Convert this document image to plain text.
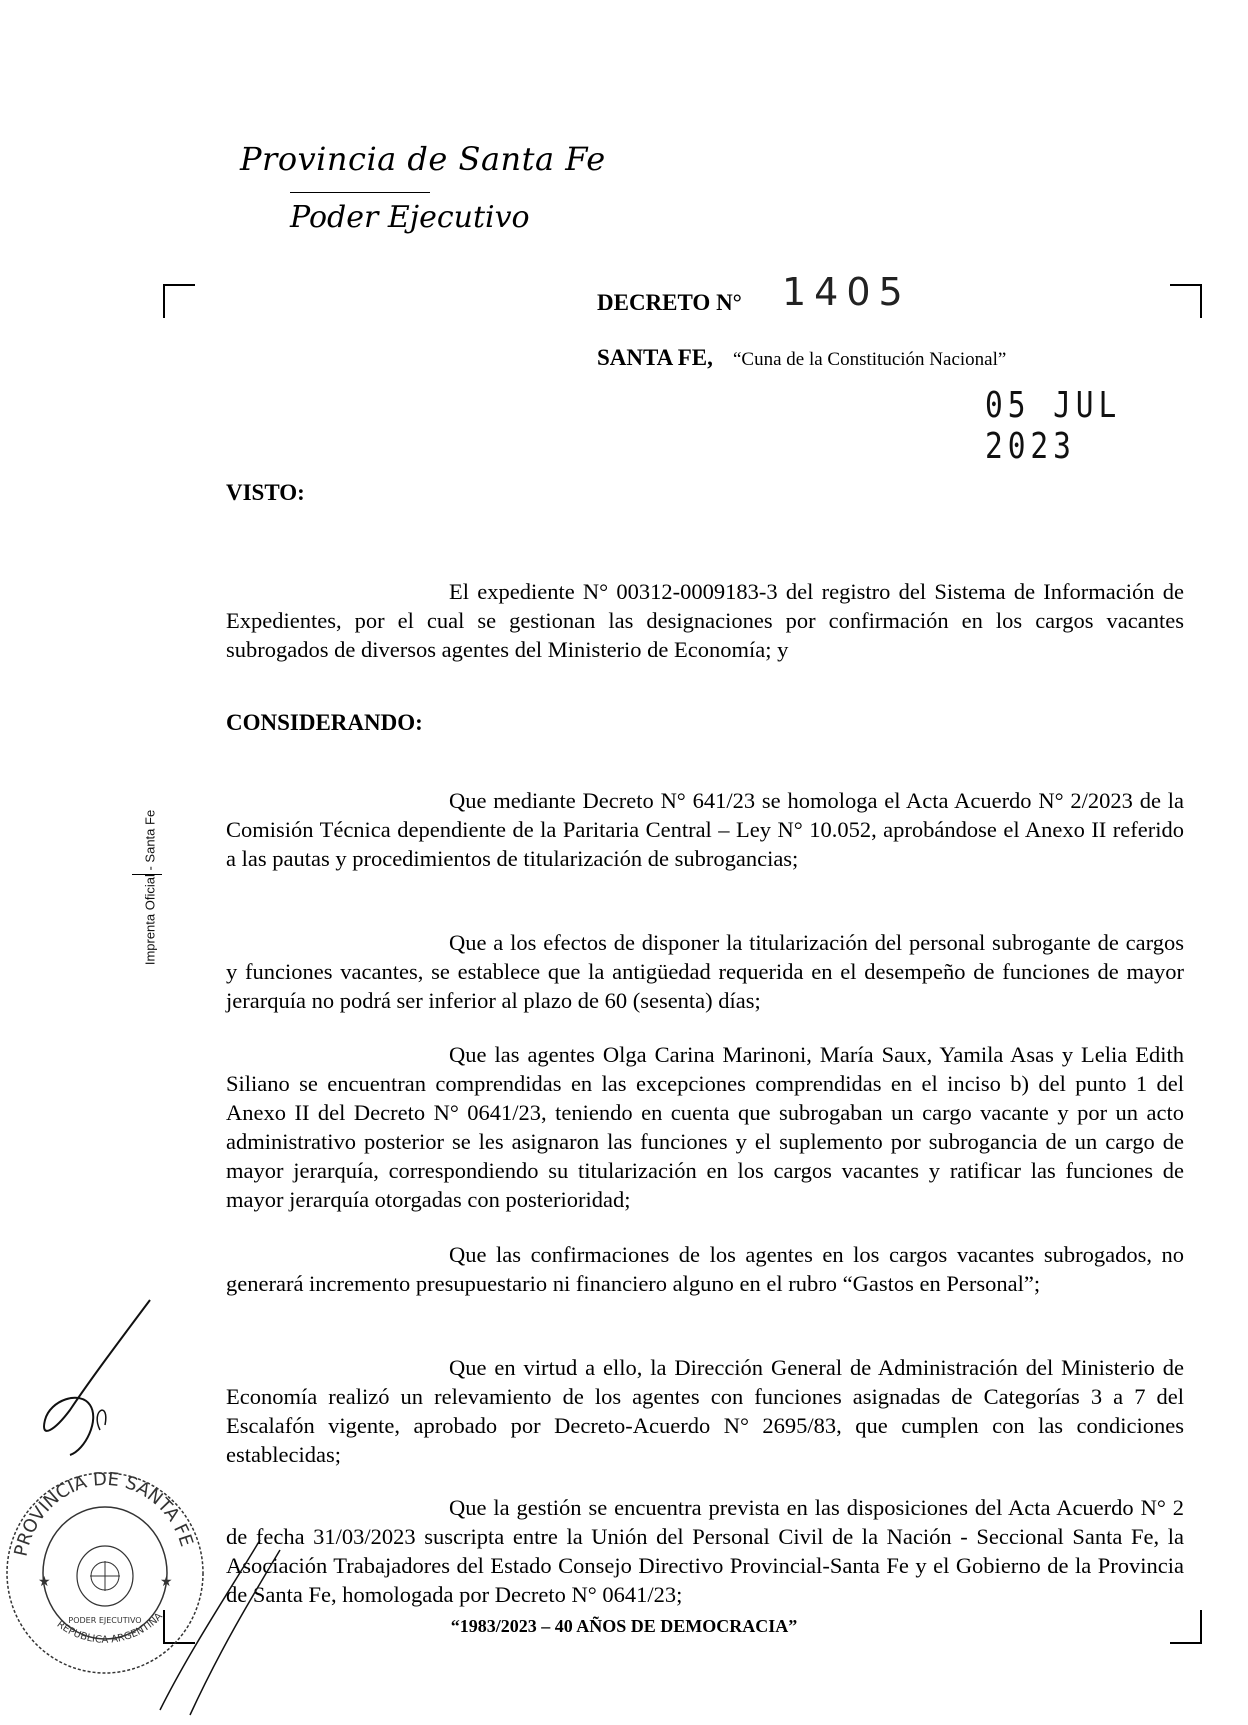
Provincia de Santa Fe
Poder Ejecutivo
DECRETO N° 1405
SANTA FE, “Cuna de la Constitución Nacional”
05 JUL 2023
VISTO:
El expediente N° 00312-0009183-3 del registro del Sistema de Información de Expedientes, por el cual se gestionan las designaciones por confirmación en los cargos vacantes subrogados de diversos agentes del Ministerio de Economía; y
CONSIDERANDO:
Que mediante Decreto N° 641/23 se homologa el Acta Acuerdo N° 2/2023 de la Comisión Técnica dependiente de la Paritaria Central – Ley N° 10.052, aprobándose el Anexo II referido a las pautas y procedimientos de titularización de subrogancias;
Que a los efectos de disponer la titularización del personal subrogante de cargos y funciones vacantes, se establece que la antigüedad requerida en el desempeño de funciones de mayor jerarquía no podrá ser inferior al plazo de 60 (sesenta) días;
Que las agentes Olga Carina Marinoni, María Saux, Yamila Asas y Lelia Edith Siliano se encuentran comprendidas en las excepciones comprendidas en el inciso b) del punto 1 del Anexo II del Decreto N° 0641/23, teniendo en cuenta que subrogaban un cargo vacante y por un acto administrativo posterior se les asignaron las funciones y el suplemento por subrogancia de un cargo de mayor jerarquía, correspondiendo su titularización en los cargos vacantes y ratificar las funciones de mayor jerarquía otorgadas con posterioridad;
Que las confirmaciones de los agentes en los cargos vacantes subrogados, no generará incremento presupuestario ni financiero alguno en el rubro “Gastos en Personal”;
Que en virtud a ello, la Dirección General de Administración del Ministerio de Economía realizó un relevamiento de los agentes con funciones asignadas de Categorías 3 a 7 del Escalafón vigente, aprobado por Decreto-Acuerdo N° 2695/83, que cumplen con las condiciones establecidas;
Que la gestión se encuentra prevista en las disposiciones del Acta Acuerdo N° 2 de fecha 31/03/2023 suscripta entre la Unión del Personal Civil de la Nación - Seccional Santa Fe, la Asociación Trabajadores del Estado Consejo Directivo Provincial-Santa Fe y el Gobierno de la Provincia de Santa Fe, homologada por Decreto N° 0641/23;
“1983/2023 – 40 AÑOS DE DEMOCRACIA”
Imprenta Oficial - Santa Fe
PROVINCIA DE SANTA FE
REPUBLICA ARGENTINA
PODER EJECUTIVO
★	★
